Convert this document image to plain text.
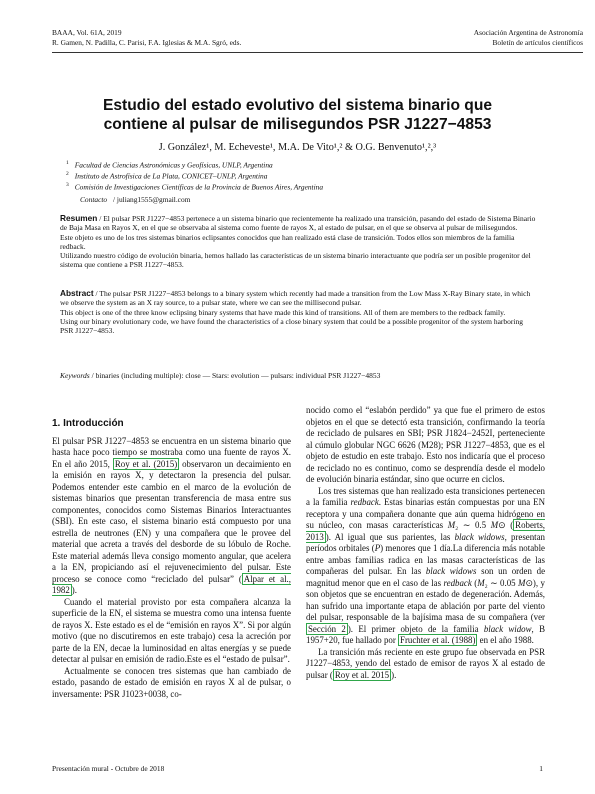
BAAA, Vol. 61A, 2019
R. Gamen, N. Padilla, C. Parisi, F.A. Iglesias & M.A. Sgró, eds.
Asociación Argentina de Astronomía
Boletín de artículos científicos
Estudio del estado evolutivo del sistema binario que
contiene al pulsar de milisegundos PSR J1227−4853
J. González¹, M. Echeveste¹, M.A. De Vito¹,² & O.G. Benvenuto¹,²,³
$^1$ Facultad de Ciencias Astronómicas y Geofísicas, UNLP, Argentina
$^2$ Instituto de Astrofísica de La Plata, CONICET–UNLP, Argentina
$^3$ Comisión de Investigaciones Científicas de la Provincia de Buenos Aires, Argentina
Contacto / juliang1555@gmail.com

Resumen / El pulsar PSR J1227−4853 pertenece a un sistema binario que recientemente ha realizado una transición, pasando del estado de Sistema Binario de Baja Masa en Rayos X, en el que se observaba al sistema como fuente de rayos X, al estado de pulsar, en el que se observa al pulsar de milisegundos.

Este objeto es uno de los tres sistemas binarios eclipsantes conocidos que han realizado está clase de transición. Todos ellos son miembros de la familia redback.

Utilizando nuestro código de evolución binaria, hemos hallado las características de un sistema binario interactuante que podría ser un posible progenitor del sistema que contiene a PSR J1227−4853.

Abstract / The pulsar PSR J1227−4853 belongs to a binary system which recently had made a transition from the Low Mass X-Ray Binary state, in which we observe the system as an X ray source, to a pulsar state, where we can see the millisecond pulsar.

This object is one of the three know eclipsing binary systems that have made this kind of transitions. All of them are members to the redback family.

Using our binary evolutionary code, we have found the characteristics of a close binary system that could be a possible progenitor of the system harboring PSR J1227−4853.

Keywords / binaries (including multiple): close — Stars: evolution — pulsars: individual PSR J1227−4853

1. Introducción

El pulsar PSR J1227−4853 se encuentra en un sistema binario que hasta hace poco tiempo se mostraba como una fuente de rayos X. En el año 2015, Roy et al. (2015) observaron un decaimiento en la emisión en rayos X, y detectaron la presencia del pulsar. Podemos entender este cambio en el marco de la evolución de sistemas binarios que presentan transferencia de masa entre sus componentes, conocidos como Sistemas Binarios Interactuantes (SBI). En este caso, el sistema binario está compuesto por una estrella de neutrones (EN) y una compañera que le provee del material que acreta a través del desborde de su lóbulo de Roche. Este material además lleva consigo momento angular, que acelera a la EN, propiciando así el rejuvenecimiento del pulsar. Este proceso se conoce como “reciclado del pulsar” ( Alpar et al., 1982 ).

Cuando el material provisto por esta compañera alcanza la superficie de la EN, el sistema se muestra como una intensa fuente de rayos X. Este estado es el de “emisión en rayos X”. Si por algún motivo (que no discutiremos en este trabajo) cesa la acreción por parte de la EN, decae la luminosidad en altas energías y se puede detectar al pulsar en emisión de radio.Este es el “estado de pulsar”.

Actualmente se conocen tres sistemas que han cambiado de estado, pasando de estado de emisión en rayos X al de pulsar, o inversamente: PSR J1023+0038, co-

nocido como el “eslabón perdido” ya que fue el primero de estos objetos en el que se detectó esta transición, confirmando la teoría de reciclado de pulsares en SBI; PSR J1824−2452I, perteneciente al cúmulo globular NGC 6626 (M28); PSR J1227−4853, que es el objeto de estudio en este trabajo. Esto nos indicaría que el proceso de reciclado no es continuo, como se desprendía desde el modelo de evolución binaria estándar, sino que ocurre en ciclos.

Los tres sistemas que han realizado esta transiciones pertenecen a la familia redback. Estas binarias están compuestas por una EN receptora y una compañera donante que aún quema hidrógeno en su núcleo, con masas características M₂ ∼ 0.5 M⊙ ( Roberts, 2013 ). Al igual que sus parientes, las black widows, presentan períodos orbitales (P) menores que 1 día.La diferencia más notable entre ambas familias radica en las masas características de las compañeras del pulsar. En las black widows son un orden de magnitud menor que en el caso de las redback (M₂ ∼ 0.05 M⊙), y son objetos que se encuentran en estado de degeneración. Además, han sufrido una importante etapa de ablación por parte del viento del pulsar, responsable de la bajísima masa de su compañera (ver Sección 2 ). El primer objeto de la familia black widow, B 1957+20, fue hallado por Fruchter et al. (1988) en el año 1988.

La transición más reciente en este grupo fue observada en PSR J1227−4853, yendo del estado de emisor de rayos X al estado de pulsar ( Roy et al. 2015 ).

Presentación mural - Octubre de 2018	1
